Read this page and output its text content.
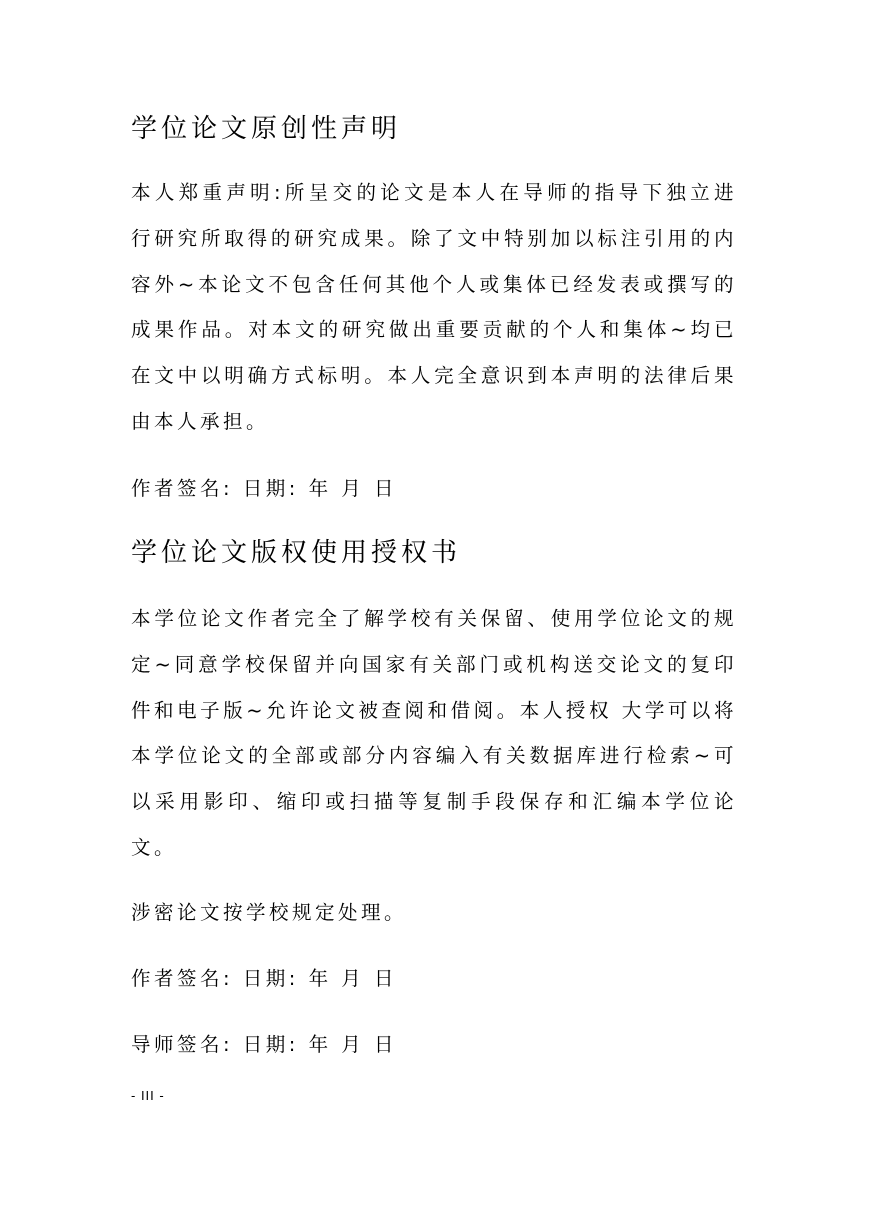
学位论文原创性声明

本人郑重声明:所呈交的论文是本人在导师的指导下独立进行研究所取得的研究成果。除了文中特别加以标注引用的内容外~本论文不包含任何其他个人或集体已经发表或撰写的成果作品。对本文的研究做出重要贡献的个人和集体~均已在文中以明确方式标明。本人完全意识到本声明的法律后果由本人承担。

作者签名: 日期: 年 月 日
学位论文版权使用授权书

本学位论文作者完全了解学校有关保留、使用学位论文的规定~同意学校保留并向国家有关部门或机构送交论文的复印件和电子版~允许论文被查阅和借阅。本人授权 大学可以将本学位论文的全部或部分内容编入有关数据库进行检索~可以采用影印、缩印或扫描等复制手段保存和汇编本学位论文。

涉密论文按学校规定处理。
作者签名: 日期: 年 月 日
导师签名: 日期: 年 月 日
- III -
